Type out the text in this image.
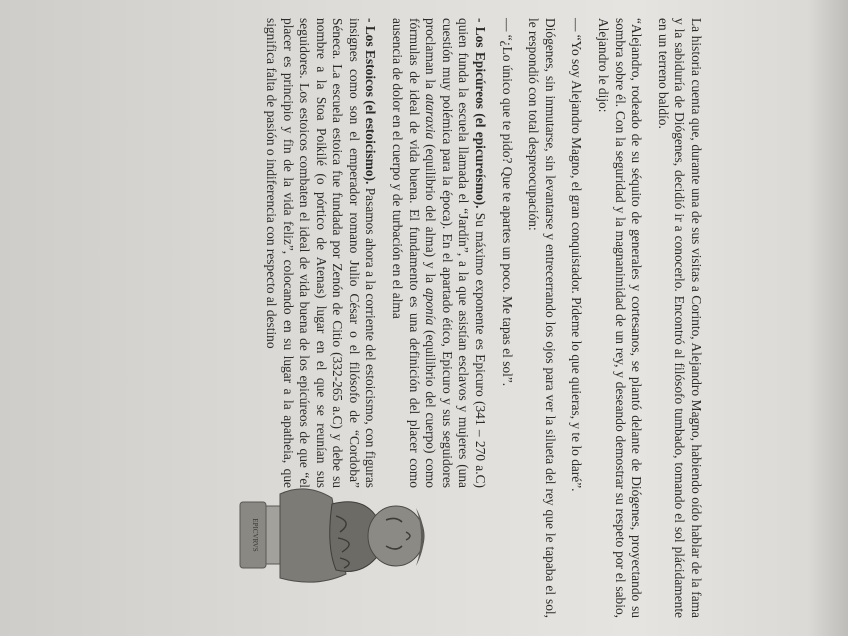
La historia cuenta que, durante una de sus visitas a Corinto, Alejandro Magno, habiendo oído hablar de la fama y la sabiduría de Diógenes, decidió ir a conocerlo. Encontró al filósofo tumbado, tomando el sol plácidamente en un terreno baldío.

“Alejandro, rodeado de su séquito de generales y cortesanos, se plantó delante de Diógenes, proyectando su sombra sobre él. Con la seguridad y la magnanimidad de un rey, y deseando demostrar su respeto por el sabio, Alejandro le dijo:

— “Yo soy Alejandro Magno, el gran conquistador. Pídeme lo que quieras, y te lo daré”.

Diógenes, sin inmutarse, sin levantarse y entrecerrando los ojos para ver la silueta del rey que le tapaba el sol, le respondió con total despreocupación:

— “¿Lo único que te pido? Que te apartes un poco. Me tapas el sol”.

- Los Epicúreos (el epicureísmo). Su máximo exponente es Epicuro (341 – 270 a.C) quien funda la escuela llamada el “Jardín”, a la que asistían esclavos y mujeres (una cuestión muy polémica para la época). En el apartado ético, Epicuro y sus seguidores proclaman la ataraxia (equilibrio del alma) y la aponía (equilibrio del cuerpo) como fórmulas de ideal de vida buena. El fundamento es una definición del placer como ausencia de dolor en el cuerpo y de turbación en el alma

- Los Estoicos (el estoicismo). Pasamos ahora a la corriente del estoicismo, con figuras insignes como son el emperador romano Julio César o el filósofo de “Cordoba” Séneca. La escuela estoica fue fundada por Zenón de Citio (332-265 a.C) y debe su nombre a la Stoa Poikilé (o pórtico de Atenas) lugar en el que se reunían sus seguidores. Los estoicos combaten el ideal de vida buena de los epicúreos de que “el placer es principio y fin de la vida feliz”, colocando en su lugar a la apatheia, que significa falta de pasión o indiferencia con respecto al destino

EPICVRVS
